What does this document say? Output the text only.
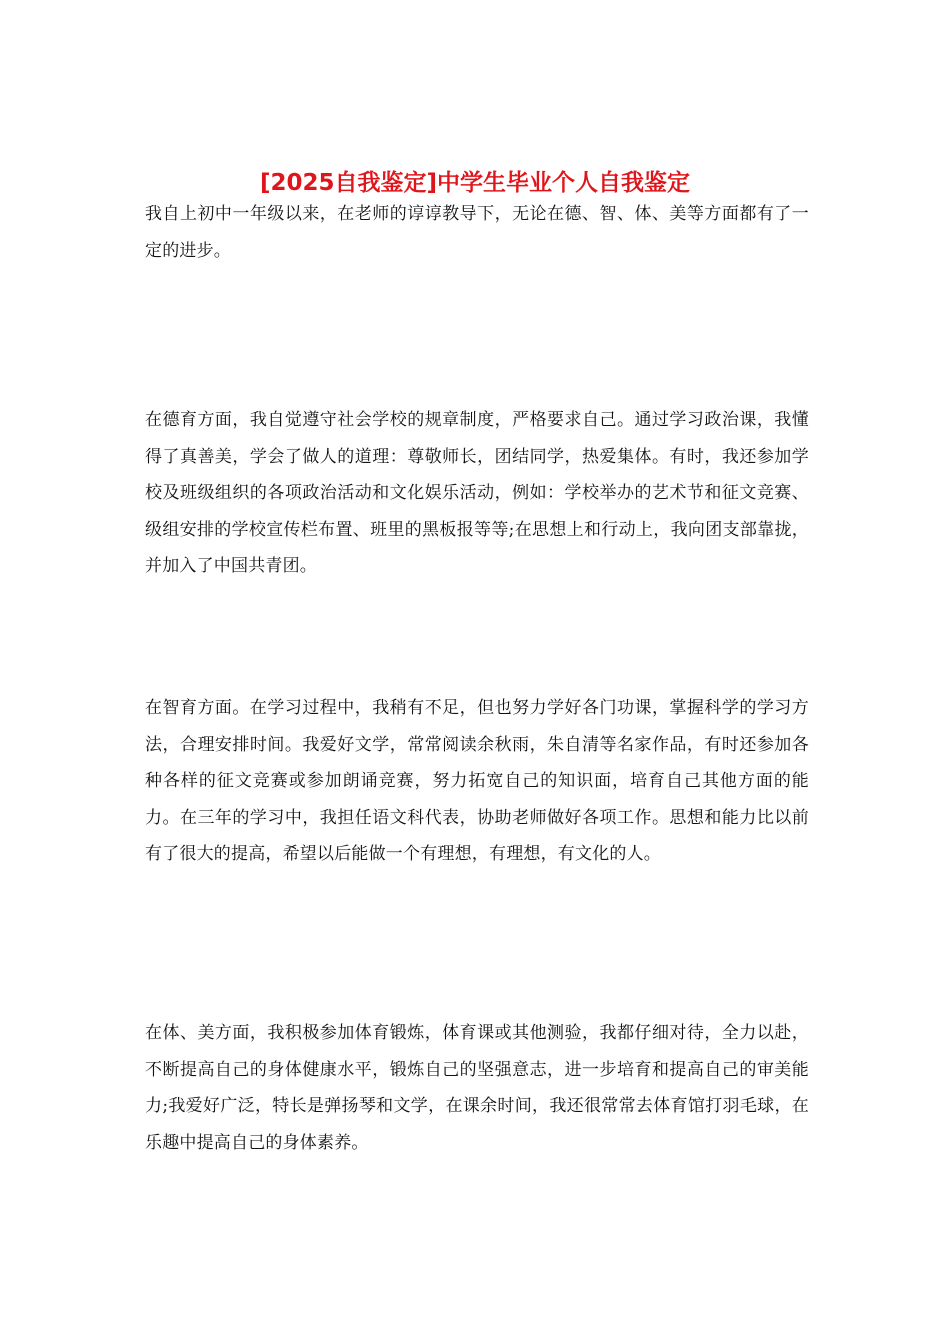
[2025自我鉴定]中学生毕业个人自我鉴定

我自上初中一年级以来，在老师的谆谆教导下，无论在德、智、体、美等方面都有了一定的进步。

在德育方面，我自觉遵守社会学校的规章制度，严格要求自己。通过学习政治课，我懂得了真善美，学会了做人的道理：尊敬师长，团结同学，热爱集体。有时，我还参加学校及班级组织的各项政治活动和文化娱乐活动，例如：学校举办的艺术节和征文竞赛、级组安排的学校宣传栏布置、班里的黑板报等等;在思想上和行动上，我向团支部靠拢，并加入了中国共青团。

在智育方面。在学习过程中，我稍有不足，但也努力学好各门功课，掌握科学的学习方法，合理安排时间。我爱好文学，常常阅读余秋雨，朱自清等名家作品，有时还参加各种各样的征文竞赛或参加朗诵竞赛，努力拓宽自己的知识面，培育自己其他方面的能力。在三年的学习中，我担任语文科代表，协助老师做好各项工作。思想和能力比以前有了很大的提高，希望以后能做一个有理想，有理想，有文化的人。

在体、美方面，我积极参加体育锻炼，体育课或其他测验，我都仔细对待，全力以赴，不断提高自己的身体健康水平，锻炼自己的坚强意志，进一步培育和提高自己的审美能力;我爱好广泛，特长是弹扬琴和文学，在课余时间，我还很常常去体育馆打羽毛球，在乐趣中提高自己的身体素养。
